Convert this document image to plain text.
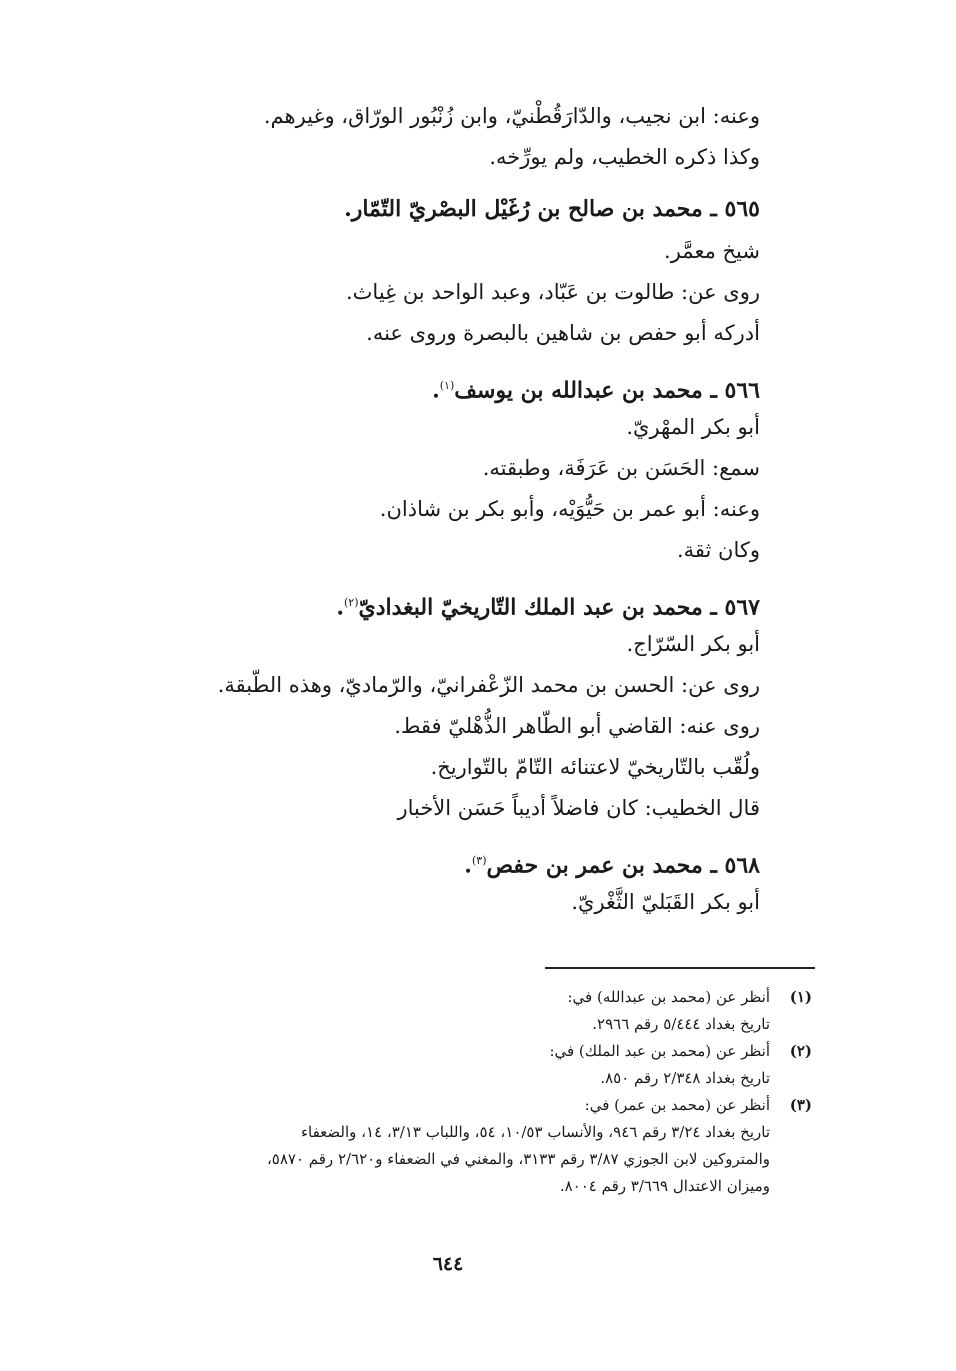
وعنه: ابن نجيب، والدّارَقُطْنيّ، وابن زُنْبُور الورّاق، وغيرهم.
وكذا ذكره الخطيب، ولم يورِّخه.
٥٦٥ ـ محمد بن صالح بن رُغَيْل البصْريّ التّمّار.
شيخ معمَّر.
روى عن: طالوت بن عَبّاد، وعبد الواحد بن غِياث.
أدركه أبو حفص بن شاهين بالبصرة وروى عنه.
٥٦٦ ـ محمد بن عبدالله بن يوسف$^{(١)}$.
أبو بكر المهْريّ.
سمع: الحَسَن بن عَرَفَة، وطبقته.
وعنه: أبو عمر بن حَيُّوَيْه، وأبو بكر بن شاذان.
وكان ثقة.
٥٦٧ ـ محمد بن عبد الملك التّاريخيّ البغداديّ$^{(٢)}$.
أبو بكر السّرّاج.
روى عن: الحسن بن محمد الزّعْفرانيّ، والرّماديّ، وهذه الطّبقة.
روى عنه: القاضي أبو الطّاهر الذُّهْليّ فقط.
ولُقّب بالتّاريخيّ لاعتنائه التّامّ بالتّواريخ.
قال الخطيب: كان فاضلاً أديباً حَسَن الأخبار
٥٦٨ ـ محمد بن عمر بن حفص$^{(٣)}$.
أبو بكر القَبَليّ الثَّغْريّ.
(١)
أنظر عن (محمد بن عبدالله) في:
تاريخ بغداد ٥/٤٤٤ رقم ٢٩٦٦.
(٢)
أنظر عن (محمد بن عبد الملك) في:
تاريخ بغداد ٢/٣٤٨ رقم ٨٥٠.
(٣)
أنظر عن (محمد بن عمر) في:
تاريخ بغداد ٣/٢٤ رقم ٩٤٦، والأنساب ١٠/٥٣، ٥٤، واللباب ٣/١٣، ١٤، والضعفاء
والمتروكين لابن الجوزي ٣/٨٧ رقم ٣١٣٣، والمغني في الضعفاء و٢/٦٢٠ رقم ٥٨٧٠،
وميزان الاعتدال ٣/٦٦٩ رقم ٨٠٠٤.
٦٤٤
